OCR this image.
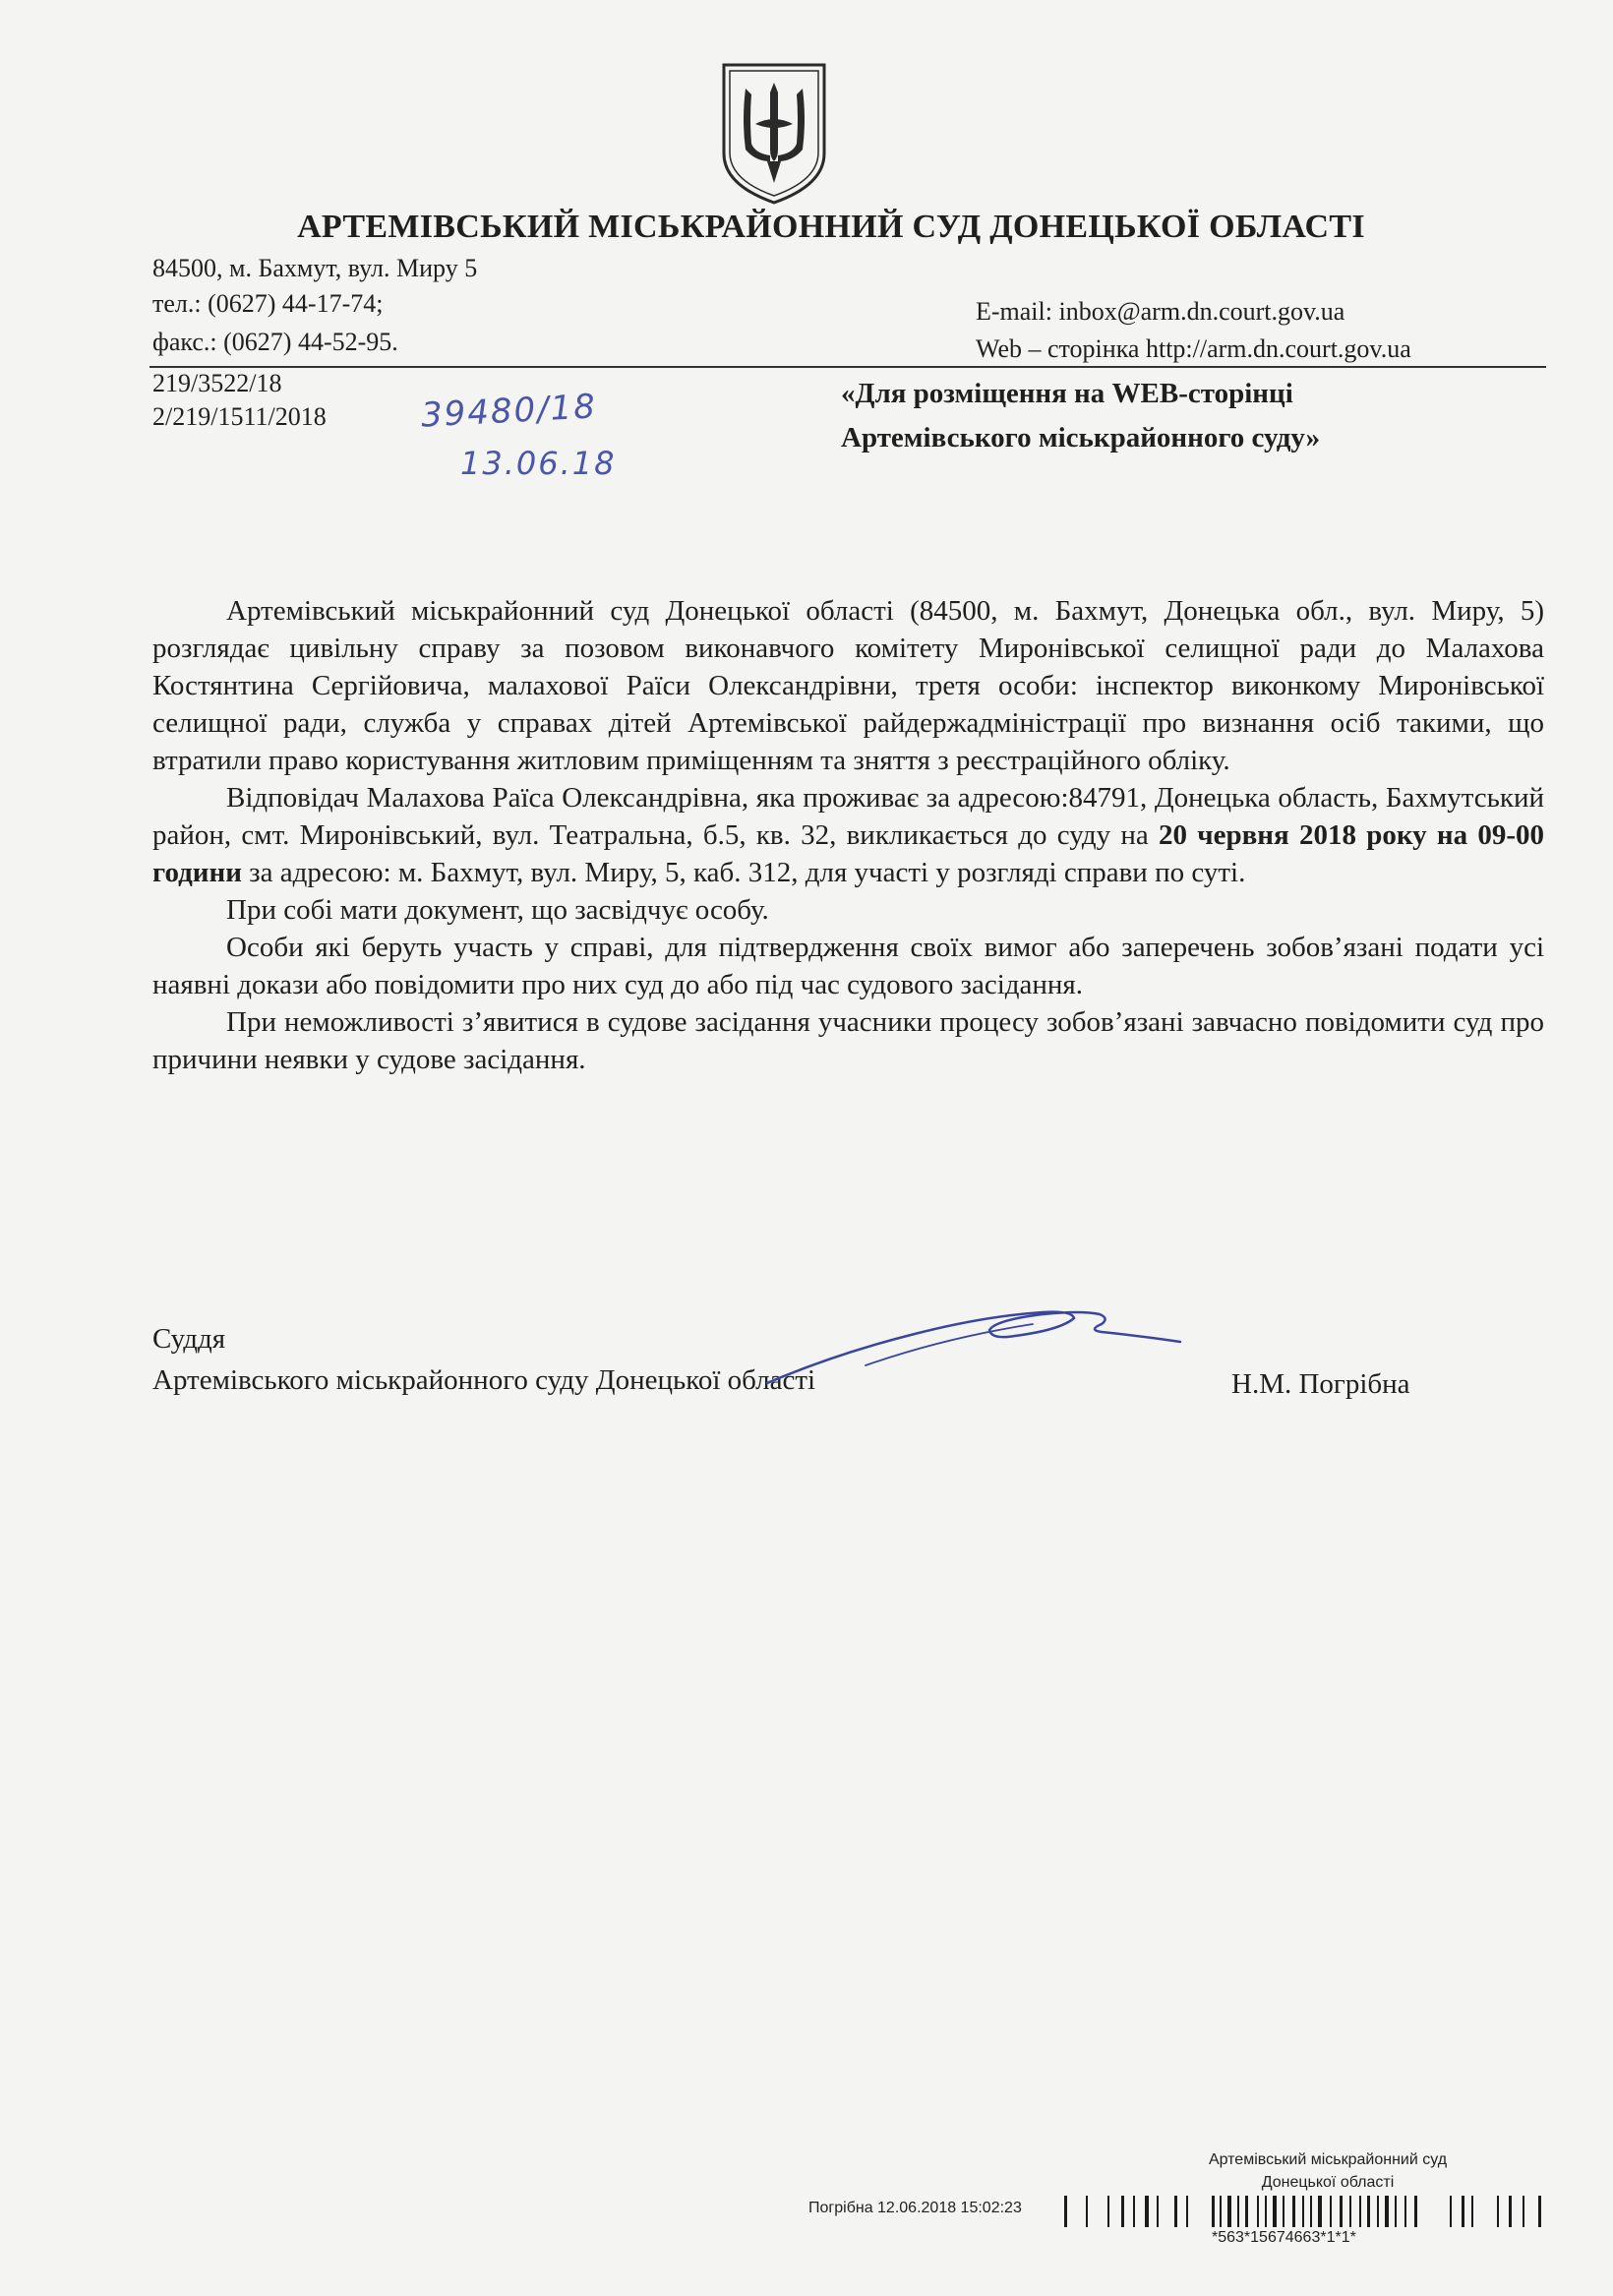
АРТЕМІВСЬКИЙ МІСЬКРАЙОННИЙ СУД ДОНЕЦЬКОЇ ОБЛАСТІ
84500, м. Бахмут, вул. Миру 5
тел.: (0627) 44-17-74;
факс.: (0627) 44-52-95.
E-mail: inbox@arm.dn.court.gov.ua
Web – сторінка http://arm.dn.court.gov.ua
219/3522/18
2/219/1511/2018	39480/18
13.06.18
«Для розміщення на WEB-сторінці
Артемівського міськрайонного суду»

Артемівський міськрайонний суд Донецької області (84500, м. Бахмут, Донецька обл., вул. Миру, 5) розглядає цивільну справу за позовом виконавчого комітету Миронівської селищної ради до Малахова Костянтина Сергійовича, малахової Раїси Олександрівни, третя особи: інспектор виконкому Миронівської селищної ради, служба у справах дітей Артемівської райдержадміністрації про визнання осіб такими, що втратили право користування житловим приміщенням та зняття з реєстраційного обліку.

Відповідач Малахова Раїса Олександрівна, яка проживає за адресою:84791, Донецька область, Бахмутський район, смт. Миронівський, вул. Театральна, б.5, кв. 32, викликається до суду на 20 червня 2018 року на 09-00 години за адресою: м. Бахмут, вул. Миру, 5, каб. 312, для участі у розгляді справи по суті.

При собі мати документ, що засвідчує особу.

Особи які беруть участь у справі, для підтвердження своїх вимог або заперечень зобов’язані подати усі наявні докази або повідомити про них суд до або під час судового засідання.

При неможливості з’явитися в судове засідання учасники процесу зобов’язані завчасно повідомити суд про причини неявки у судове засідання.

Суддя
Артемівського міськрайонного суду Донецької області	Н.М. Погрібна
Артемівський міськрайонний суд
Донецької області
Погрібна 12.06.2018 15:02:23
*563*15674663*1*1*
